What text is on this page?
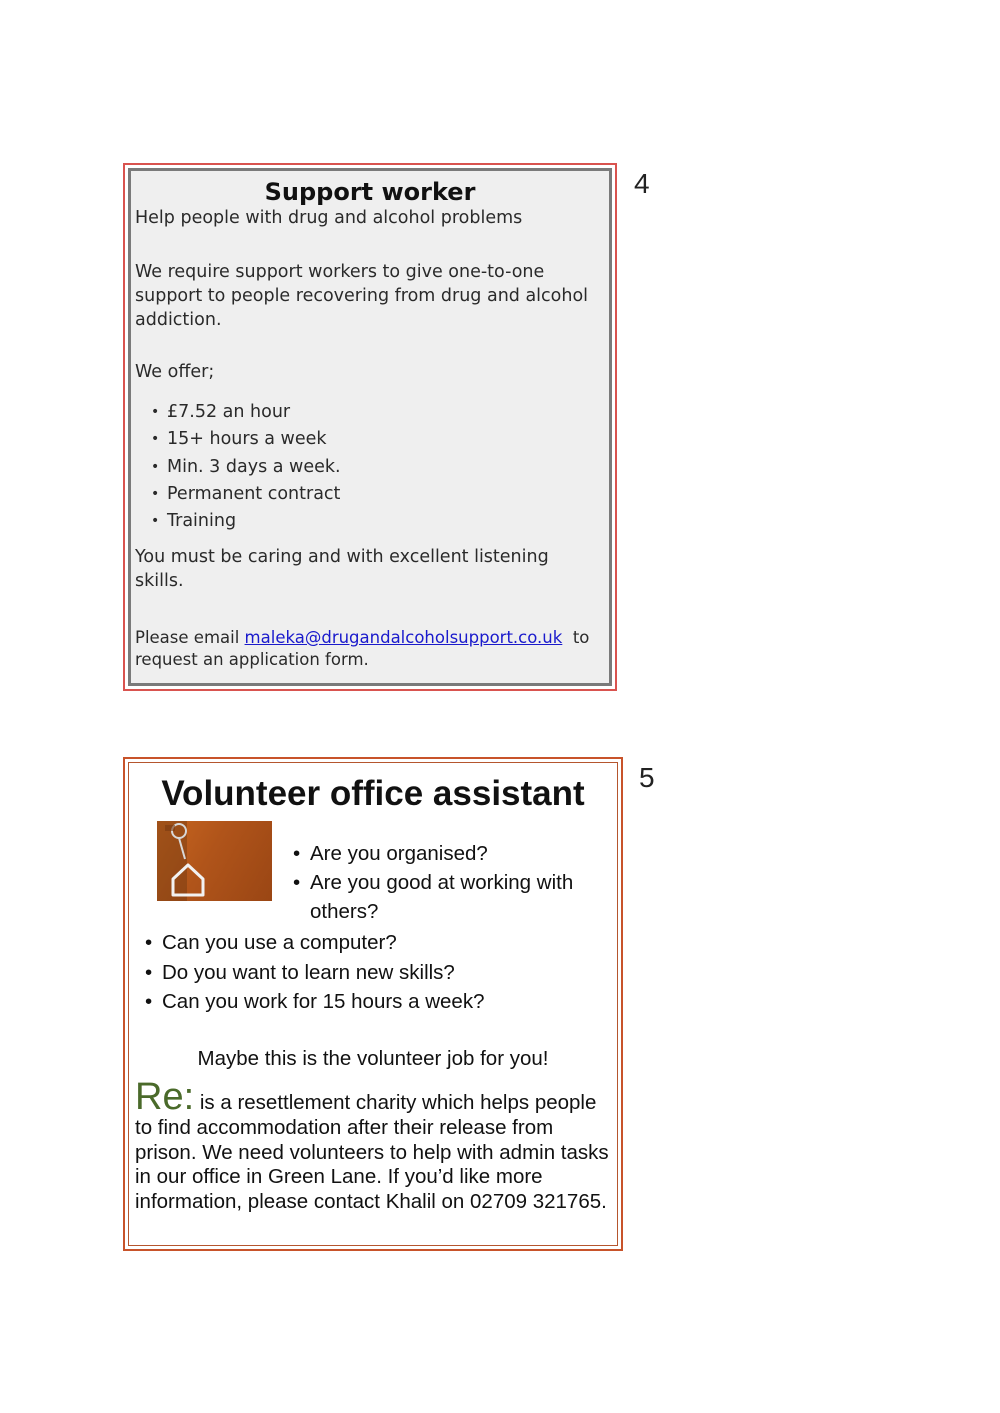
Support worker

Help people with drug and alcohol problems

We require support workers to give one-to-one support to people recovering from drug and alcohol addiction.

We offer;

• £7.52 an hour
• 15+ hours a week
• Min. 3 days a week.
• Permanent contract
• Training

You must be caring and with excellent listening skills.

Please email maleka@drugandalcoholsupport.co.uk to request an application form.

4
Volunteer office assistant
• Are you organised?
• Are you good at working with others?
• Can you use a computer?
• Do you want to learn new skills?
• Can you work for 15 hours a week?
Maybe this is the volunteer job for you!

Re: is a resettlement charity which helps people to find accommodation after their release from prison. We need volunteers to help with admin tasks in our office in Green Lane. If you’d like more information, please contact Khalil on 02709 321765.

5
